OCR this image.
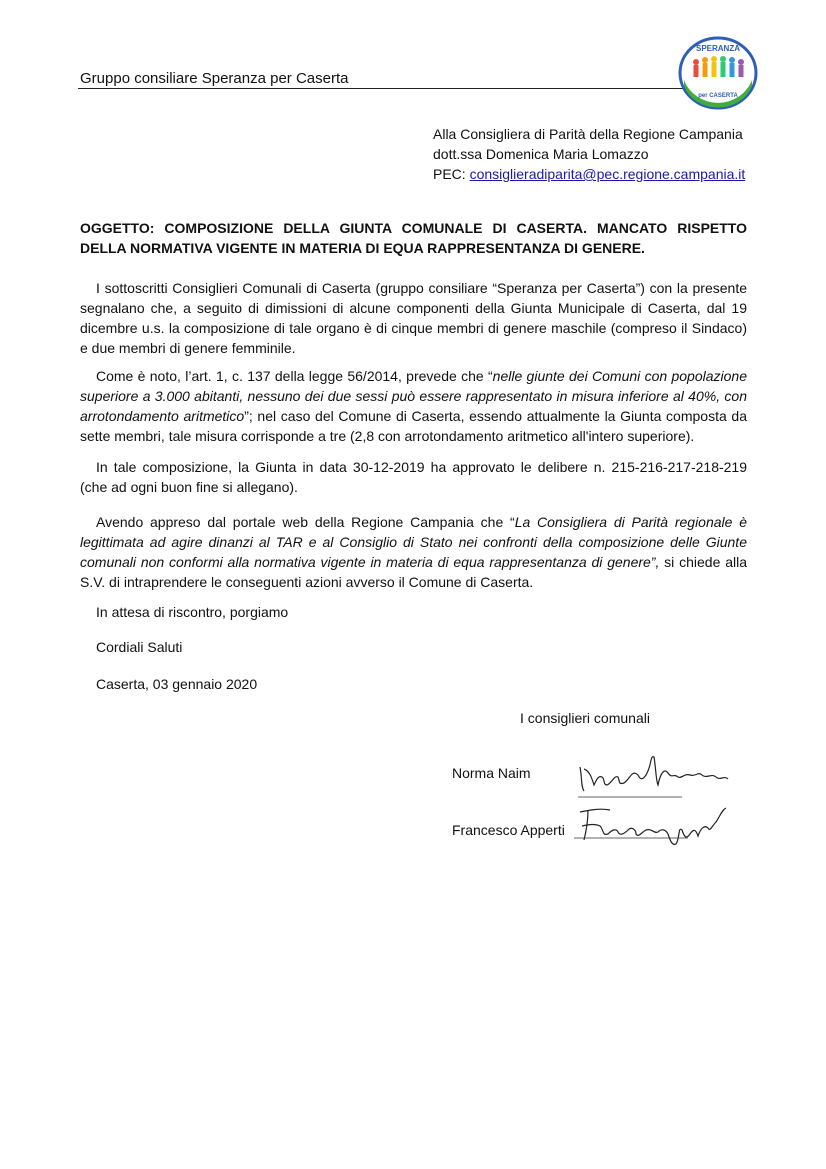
Gruppo consiliare Speranza per Caserta
SPERANZA
per CASERTA
Alla Consigliera di Parità della Regione Campania
dott.ssa Domenica Maria Lomazzo
PEC: consiglieradiparita@pec.regione.campania.it
OGGETTO: COMPOSIZIONE DELLA GIUNTA COMUNALE DI CASERTA. MANCATO RISPETTO DELLA NORMATIVA VIGENTE IN MATERIA DI EQUA RAPPRESENTANZA DI GENERE.
I sottoscritti Consiglieri Comunali di Caserta (gruppo consiliare “Speranza per Caserta”) con la presente segnalano che, a seguito di dimissioni di alcune componenti della Giunta Municipale di Caserta, dal 19 dicembre u.s. la composizione di tale organo è di cinque membri di genere maschile (compreso il Sindaco) e due membri di genere femminile.
Come è noto, l’art. 1, c. 137 della legge 56/2014, prevede che “nelle giunte dei Comuni con popolazione superiore a 3.000 abitanti, nessuno dei due sessi può essere rappresentato in misura inferiore al 40%, con arrotondamento aritmetico”; nel caso del Comune di Caserta, essendo attualmente la Giunta composta da sette membri, tale misura corrisponde a tre (2,8 con arrotondamento aritmetico all'intero superiore).
In tale composizione, la Giunta in data 30-12-2019 ha approvato le delibere n. 215-216-217-218-219 (che ad ogni buon fine si allegano).
Avendo appreso dal portale web della Regione Campania che “La Consigliera di Parità regionale è legittimata ad agire dinanzi al TAR e al Consiglio di Stato nei confronti della composizione delle Giunte comunali non conformi alla normativa vigente in materia di equa rappresentanza di genere”, si chiede alla S.V. di intraprendere le conseguenti azioni avverso il Comune di Caserta.
In attesa di riscontro, porgiamo
Cordiali Saluti
Caserta, 03 gennaio 2020
I consiglieri comunali
Norma Naim
Francesco Apperti
